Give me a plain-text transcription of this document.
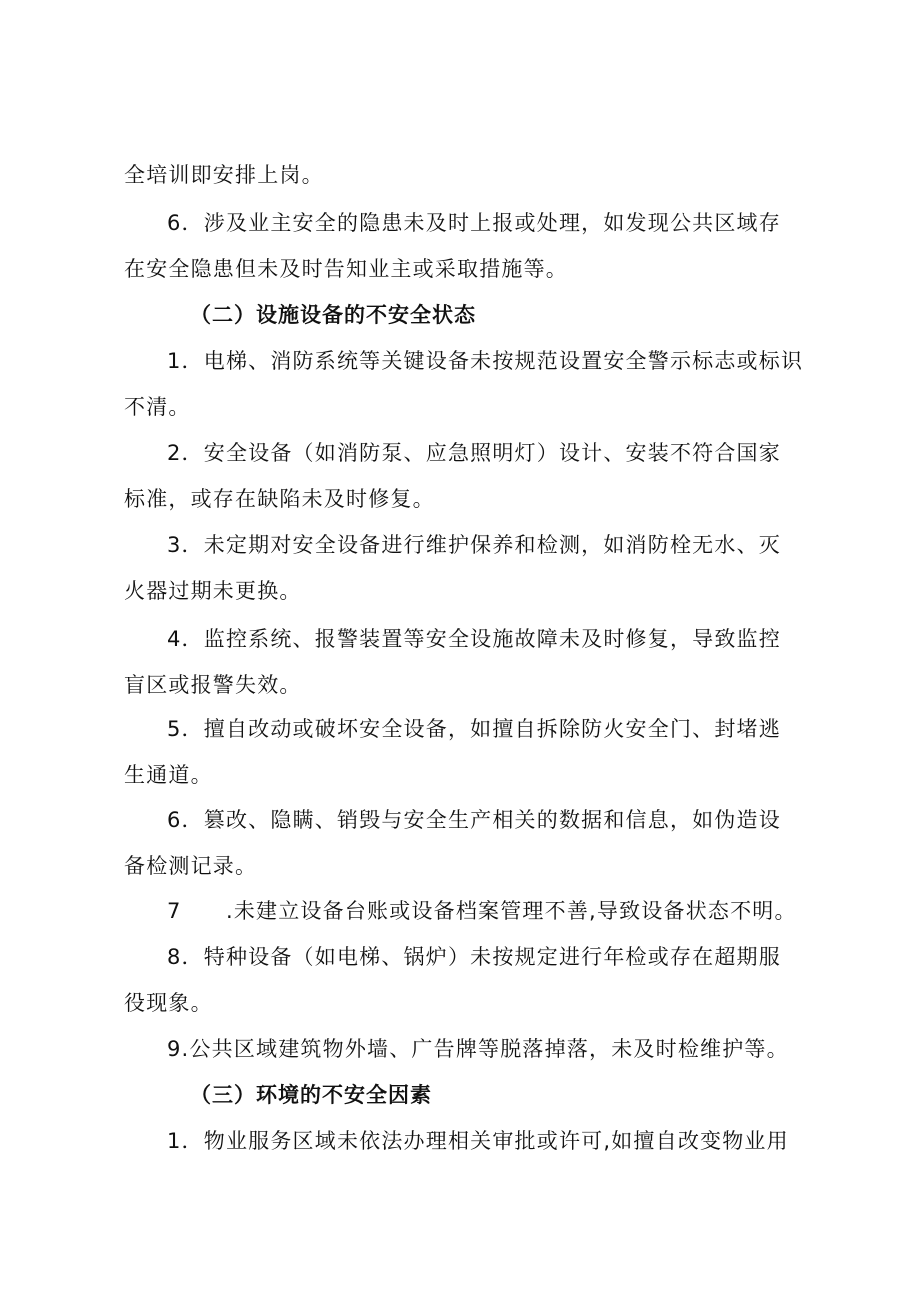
全培训即安排上岗。
6．涉及业主安全的隐患未及时上报或处理，如发现公共区域存
在安全隐患但未及时告知业主或采取措施等。
（二）设施设备的不安全状态
1．电梯、消防系统等关键设备未按规范设置安全警示标志或标识
不清。
2．安全设备（如消防泵、应急照明灯）设计、安装不符合国家
标准，或存在缺陷未及时修复。
3．未定期对安全设备进行维护保养和检测，如消防栓无水、灭
火器过期未更换。
4．监控系统、报警装置等安全设施故障未及时修复，导致监控
盲区或报警失效。
5．擅自改动或破坏安全设备，如擅自拆除防火安全门、封堵逃
生通道。
6．篡改、隐瞒、销毁与安全生产相关的数据和信息，如伪造设
备检测记录。
7　　.未建立设备台账或设备档案管理不善,导致设备状态不明。
8．特种设备（如电梯、锅炉）未按规定进行年检或存在超期服
役现象。
9.公共区域建筑物外墙、广告牌等脱落掉落，未及时检维护等。
（三）环境的不安全因素
1．物业服务区域未依法办理相关审批或许可,如擅自改变物业用
